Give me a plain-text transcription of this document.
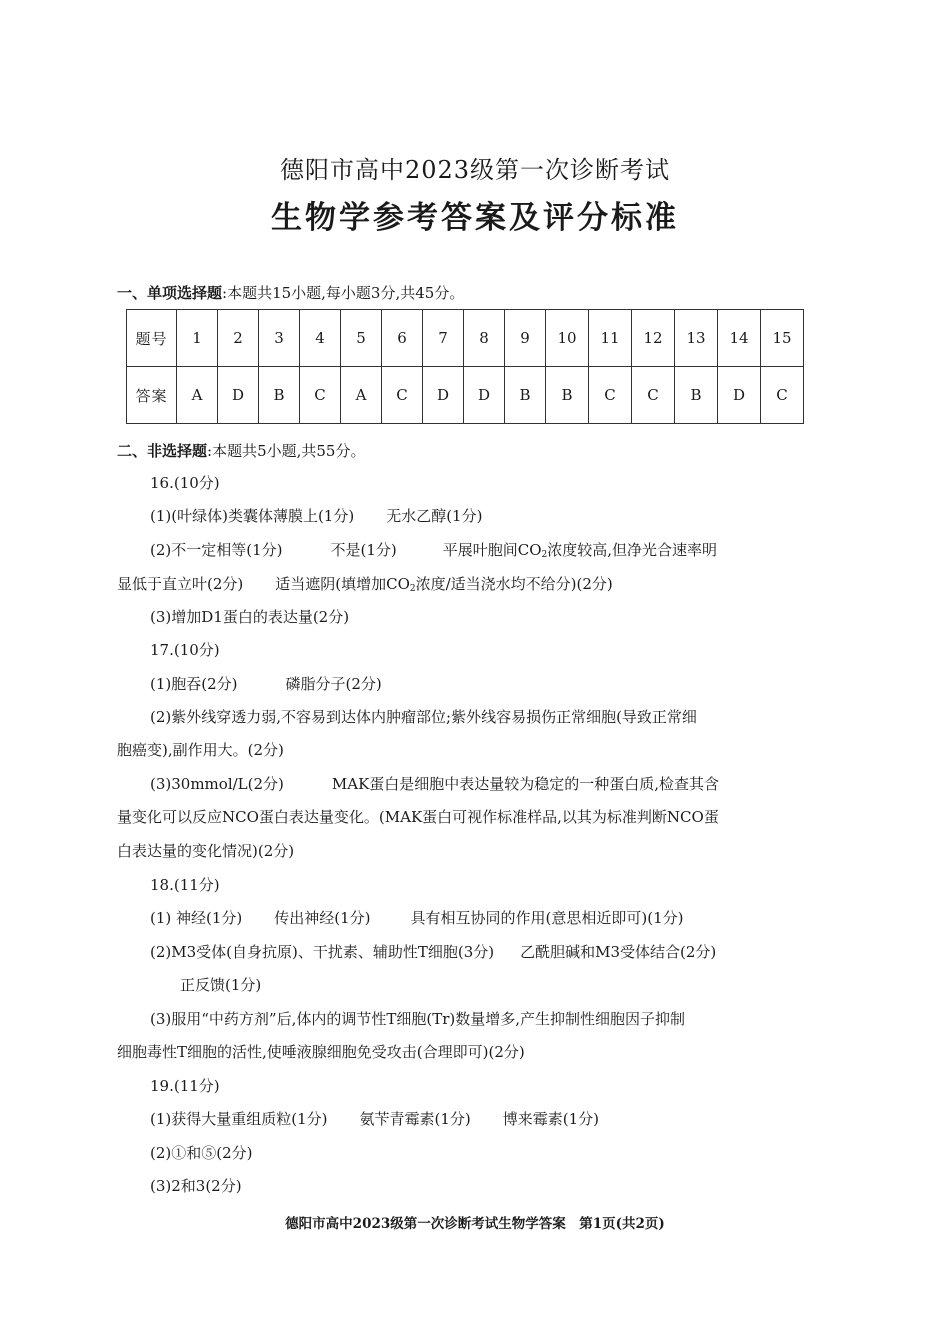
德阳市高中2023级第一次诊断考试
生物学参考答案及评分标准
一、单项选择题:本题共15小题,每小题3分,共45分。
题号	1	2	3	4	5	6	7	8	9	10	11	12	13	14	15
答案	A	D	B	C	A	C	D	D	B	B	C	C	B	D	C
二、非选择题:本题共5小题,共55分。
16.(10分)
(1)(叶绿体)类囊体薄膜上(1分) 无水乙醇(1分)
(2)不一定相等(1分)	不是(1分)	平展叶胞间$CO_2$浓度较高,但净光合速率明
显低于直立叶(2分) 适当遮阴(填增加$CO_2$浓度/适当浇水均不给分)(2分)
(3)增加D1蛋白的表达量(2分)
17.(10分)
(1)胞吞(2分)	磷脂分子(2分)
(2)紫外线穿透力弱,不容易到达体内肿瘤部位;紫外线容易损伤正常细胞(导致正常细
胞癌变),副作用大。(2分)
(3)30mmol/L(2分)	MAK蛋白是细胞中表达量较为稳定的一种蛋白质,检查其含
量变化可以反应NCO蛋白表达量变化。(MAK蛋白可视作标准样品,以其为标准判断NCO蛋
白表达量的变化情况)(2分)
18.(11分)
(1) 神经(1分) 传出神经(1分)	具有相互协同的作用(意思相近即可)(1分)
(2)M3受体(自身抗原)、干扰素、辅助性T细胞(3分) 乙酰胆碱和M3受体结合(2分)
正反馈(1分)
(3)服用“中药方剂”后,体内的调节性T细胞(Tr)数量增多,产生抑制性细胞因子抑制
细胞毒性T细胞的活性,使唾液腺细胞免受攻击(合理即可)(2分)
19.(11分)
(1)获得大量重组质粒(1分) 氨苄青霉素(1分) 博来霉素(1分)
(2)①和⑤(2分)
(3)2和3(2分)
德阳市高中2023级第一次诊断考试生物学答案　第1页(共2页)
